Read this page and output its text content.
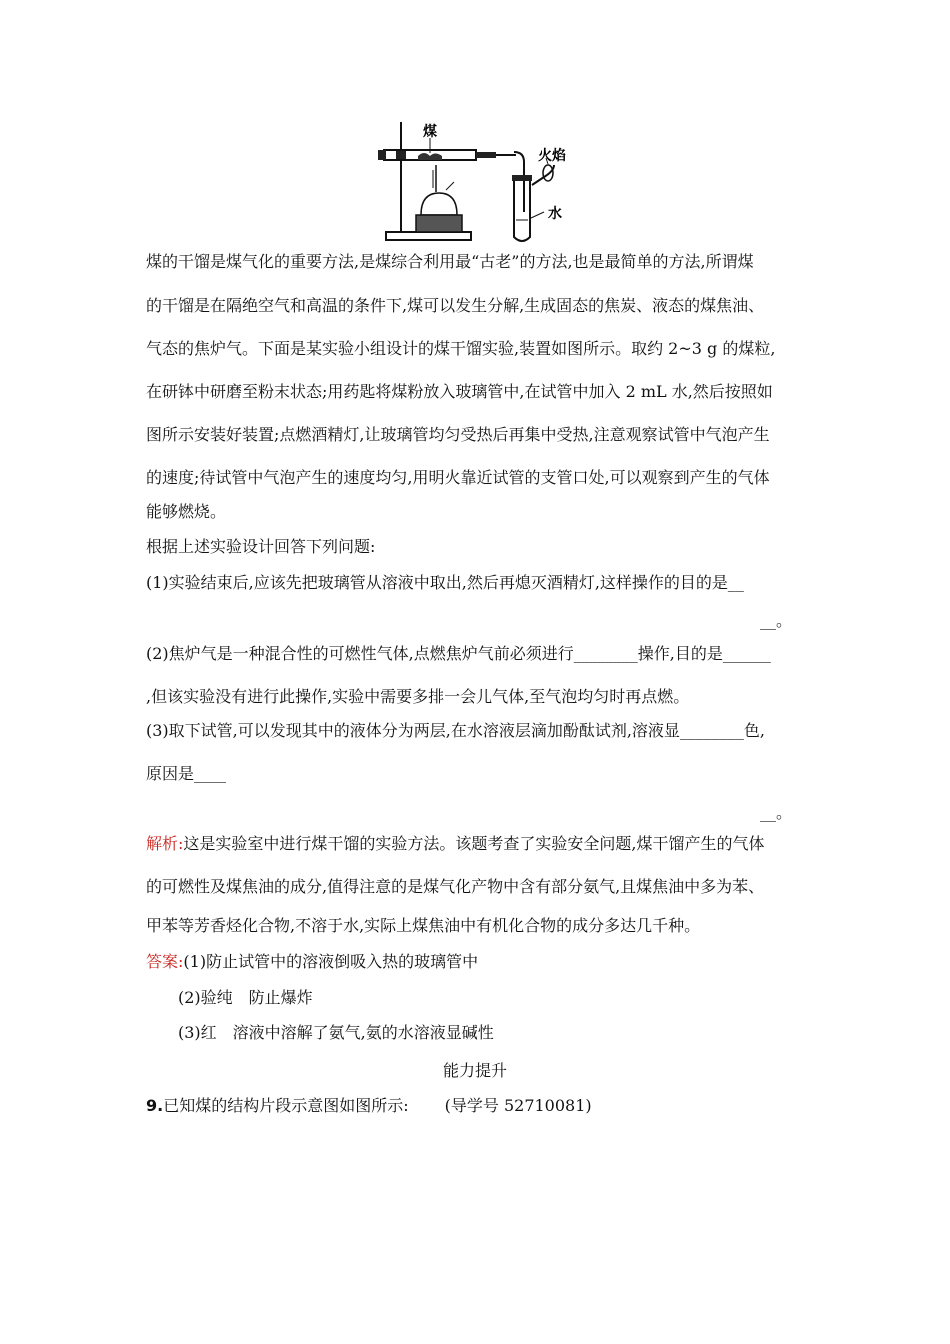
煤
火焰
水
煤的干馏是煤气化的重要方法,是煤综合利用最“古老”的方法,也是最简单的方法,所谓煤
的干馏是在隔绝空气和高温的条件下,煤可以发生分解,生成固态的焦炭、液态的煤焦油、
气态的焦炉气。下面是某实验小组设计的煤干馏实验,装置如图所示。取约 2~3 g 的煤粒,
在研钵中研磨至粉末状态;用药匙将煤粉放入玻璃管中,在试管中加入 2 mL 水,然后按照如
图所示安装好装置;点燃酒精灯,让玻璃管均匀受热后再集中受热,注意观察试管中气泡产生
的速度;待试管中气泡产生的速度均匀,用明火靠近试管的支管口处,可以观察到产生的气体
能够燃烧。
根据上述实验设计回答下列问题:
(1)实验结束后,应该先把玻璃管从溶液中取出,然后再熄灭酒精灯,这样操作的目的是__
__。
(2)焦炉气是一种混合性的可燃性气体,点燃焦炉气前必须进行________操作,目的是______
,但该实验没有进行此操作,实验中需要多排一会儿气体,至气泡均匀时再点燃。
(3)取下试管,可以发现其中的液体分为两层,在水溶液层滴加酚酞试剂,溶液显________色,
原因是____
__。
解析:这是实验室中进行煤干馏的实验方法。该题考查了实验安全问题,煤干馏产生的气体
的可燃性及煤焦油的成分,值得注意的是煤气化产物中含有部分氨气,且煤焦油中多为苯、
甲苯等芳香烃化合物,不溶于水,实际上煤焦油中有机化合物的成分多达几千种。
答案:(1)防止试管中的溶液倒吸入热的玻璃管中
(2)验纯　防止爆炸
(3)红　溶液中溶解了氨气,氨的水溶液显碱性
能力提升
9.已知煤的结构片段示意图如图所示: (导学号 52710081)
